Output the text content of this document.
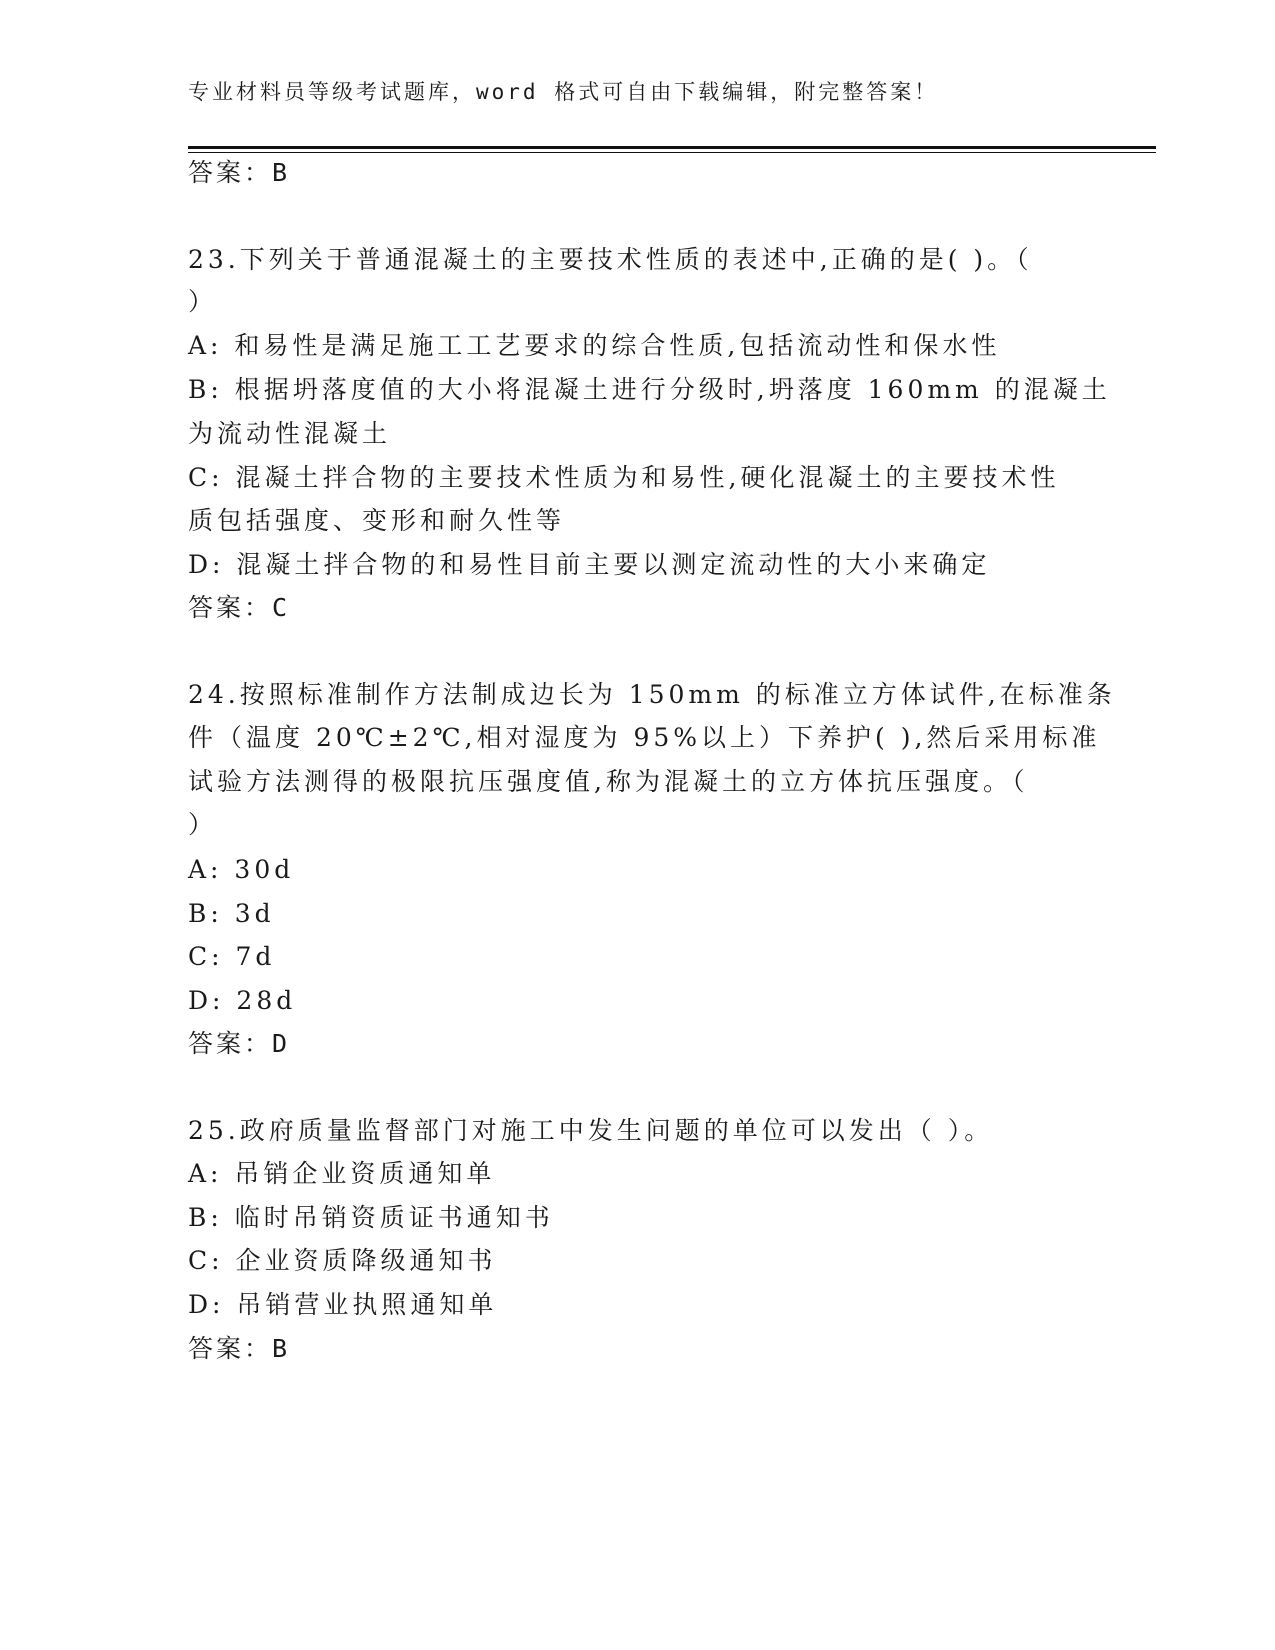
专业材料员等级考试题库，word 格式可自由下载编辑，附完整答案！
答案：B
23.下列关于普通混凝土的主要技术性质的表述中,正确的是( )。（
）
A: 和易性是满足施工工艺要求的综合性质,包括流动性和保水性
B: 根据坍落度值的大小将混凝土进行分级时,坍落度 160mm 的混凝土
为流动性混凝土
C: 混凝土拌合物的主要技术性质为和易性,硬化混凝土的主要技术性
质包括强度、变形和耐久性等
D: 混凝土拌合物的和易性目前主要以测定流动性的大小来确定
答案：C
24.按照标准制作方法制成边长为 150mm 的标准立方体试件,在标准条
件（温度 20℃±2℃,相对湿度为 95%以上）下养护( ),然后采用标准
试验方法测得的极限抗压强度值,称为混凝土的立方体抗压强度。（
）
A: 30d
B: 3d
C: 7d
D: 28d
答案：D
25.政府质量监督部门对施工中发生问题的单位可以发出（ ）。
A: 吊销企业资质通知单
B: 临时吊销资质证书通知书
C: 企业资质降级通知书
D: 吊销营业执照通知单
答案：B
